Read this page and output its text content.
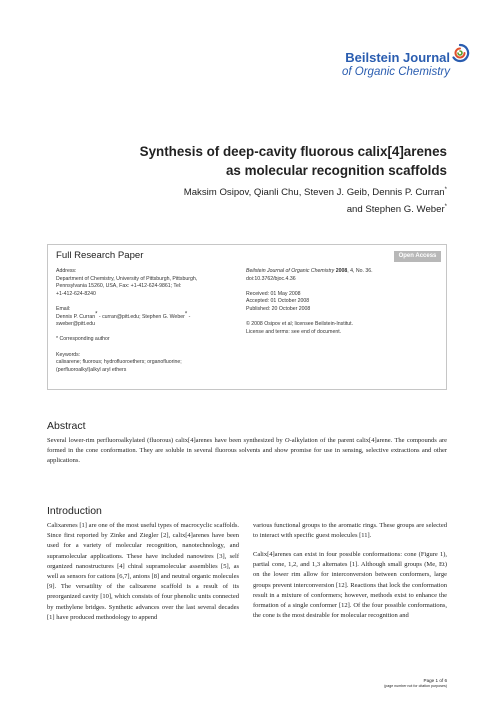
Beilstein Journal
of Organic Chemistry
Synthesis of deep-cavity fluorous calix[4]arenes
as molecular recognition scaffolds
Maksim Osipov, Qianli Chu, Steven J. Geib, Dennis P. Curran*
and Stephen G. Weber*
Full Research Paper	Open Access

Address:

Department of Chemistry, University of Pittsburgh, Pittsburgh,

Pennsylvania 15260, USA, Fax: +1-412-624-9861; Tel:

+1-412-624-8240

Email:

Dennis P. Curran* - curran@pitt.edu; Stephen G. Weber* -

sweber@pitt.edu

* Corresponding author

Keywords:

calixarene; fluorous; hydrofluoroethers; organofluorine;

(perfluoroalkyl)alkyl aryl ethers

Beilstein Journal of Organic Chemistry 2008, 4, No. 36.

doi:10.3762/bjoc.4.36

Received: 01 May 2008

Accepted: 01 October 2008

Published: 20 October 2008

© 2008 Osipov et al; licensee Beilstein-Institut.

License and terms: see end of document.

Abstract
Several lower-rim perfluoroalkylated (fluorous) calix[4]arenes have been synthesized by O-alkylation of the parent calix[4]arene. The compounds are formed in the cone conformation. They are soluble in several fluorous solvents and show promise for use in sensing, selective extractions and other applications.
Introduction
Calixarenes [1] are one of the most useful types of macrocyclic scaffolds. Since first reported by Zinke and Ziegler [2], calix[4]arenes have been used for a variety of molecular recognition, nanotechnology, and supramolecular applications. These have included nanowires [3], self organized nanostructures [4] chiral supramolecular assemblies [5], as well as sensors for cations [6,7], anions [8] and neutral organic molecules [9]. The versatility of the calixarene scaffold is a result of its preorganized cavity [10], which consists of four phenolic units connected by methylene bridges. Synthetic advances over the last several decades [1] have produced methodology to append

various functional groups to the aromatic rings. These groups are selected to interact with specific guest molecules [11].

Calix[4]arenes can exist in four possible conformations: cone (Figure 1), partial cone, 1,2, and 1,3 alternates [1]. Although small groups (Me, Et) on the lower rim allow for interconversion between conformers, large groups prevent interconversion [12]. Reactions that lock the conformation result in a mixture of conformers; however, methods exist to enhance the formation of a single conformer [12]. Of the four possible conformations, the cone is the most desirable for molecular recognition and

Page 1 of 6
(page number not for citation purposes)
